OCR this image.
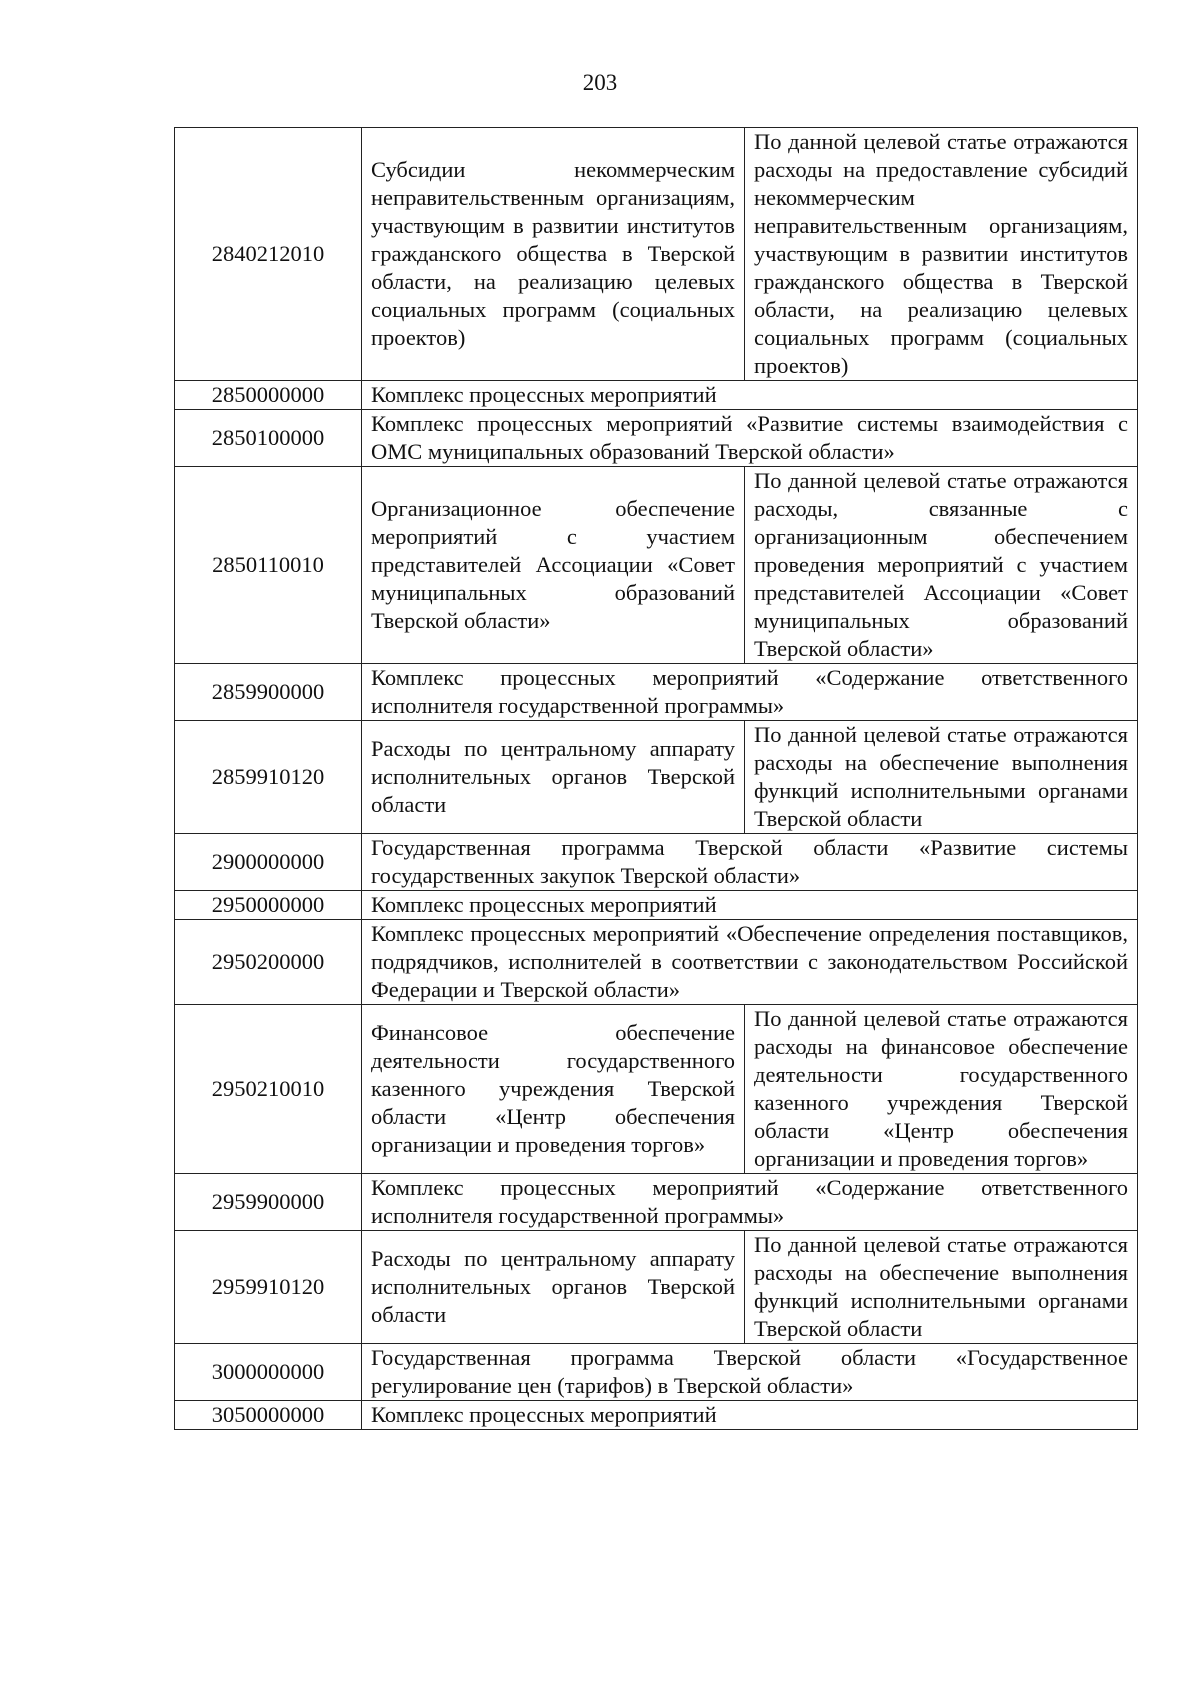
203
2840212010	Субсидии некоммерческим неправительственным организациям, участвующим в развитии институтов гражданского общества в Тверской области, на реализацию целевых социальных программ (социальных проектов)	По данной целевой статье отражаются расходы на предоставление субсидий некоммерческим неправительственным организациям, участвующим в развитии институтов гражданского общества в Тверской области, на реализацию целевых социальных программ (социальных проектов)
2850000000	Комплекс процессных мероприятий	
2850100000	Комплекс процессных мероприятий «Развитие системы взаимодействия с ОМС муниципальных образований Тверской области»	
2850110010	Организационное обеспечение мероприятий с участием представителей Ассоциации «Совет муниципальных образований Тверской области»	По данной целевой статье отражаются расходы, связанные с организационным обеспечением проведения мероприятий с участием представителей Ассоциации «Совет муниципальных образований Тверской области»
2859900000	Комплекс процессных мероприятий «Содержание ответственного исполнителя государственной программы»	
2859910120	Расходы по центральному аппарату исполнительных органов Тверской области	По данной целевой статье отражаются расходы на обеспечение выполнения функций исполнительными органами Тверской области
2900000000	Государственная программа Тверской области «Развитие системы государственных закупок Тверской области»	
2950000000	Комплекс процессных мероприятий	
2950200000	Комплекс процессных мероприятий «Обеспечение определения поставщиков, подрядчиков, исполнителей в соответствии с законодательством Российской Федерации и Тверской области»	
2950210010	Финансовое обеспечение деятельности государственного казенного учреждения Тверской области «Центр обеспечения организации и проведения торгов»	По данной целевой статье отражаются расходы на финансовое обеспечение деятельности государственного казенного учреждения Тверской области «Центр обеспечения организации и проведения торгов»
2959900000	Комплекс процессных мероприятий «Содержание ответственного исполнителя государственной программы»	
2959910120	Расходы по центральному аппарату исполнительных органов Тверской области	По данной целевой статье отражаются расходы на обеспечение выполнения функций исполнительными органами Тверской области
3000000000	Государственная программа Тверской области «Государственное регулирование цен (тарифов) в Тверской области»	
3050000000	Комплекс процессных мероприятий	
